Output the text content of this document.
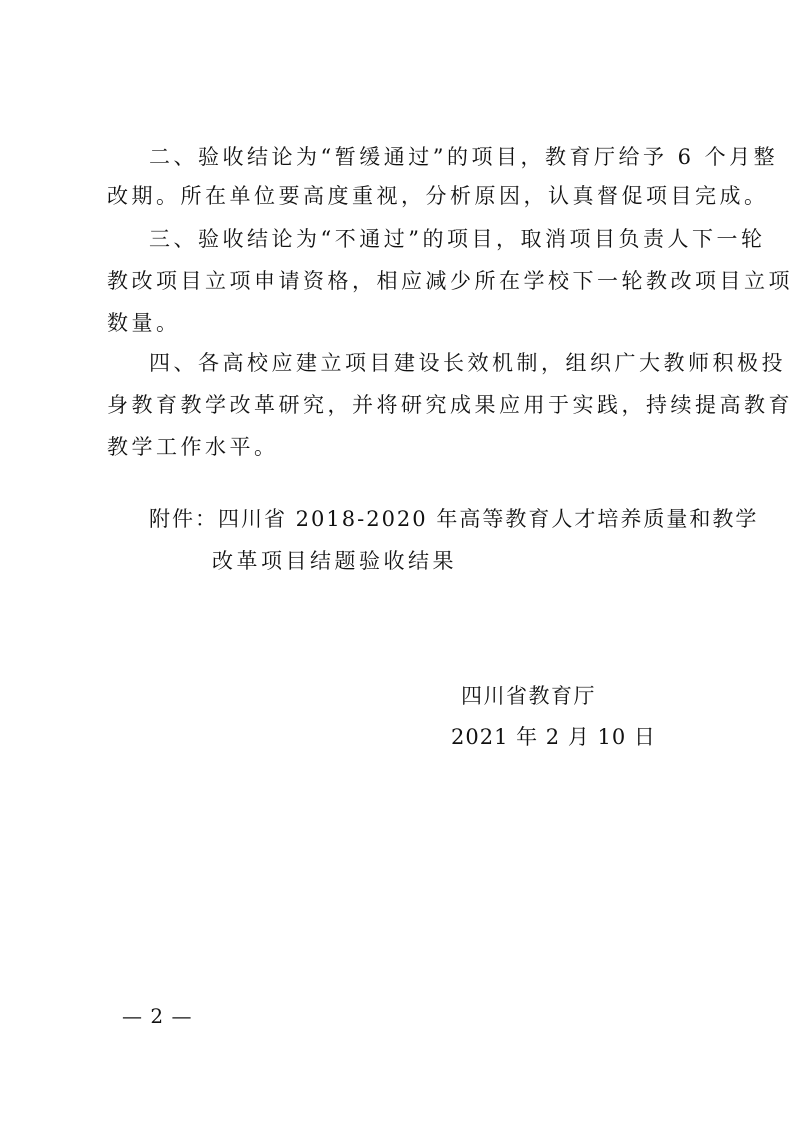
二、验收结论为“暂缓通过”的项目，教育厅给予 6 个月整
改期。所在单位要高度重视，分析原因，认真督促项目完成。
三、验收结论为“不通过”的项目，取消项目负责人下一轮
教改项目立项申请资格，相应减少所在学校下一轮教改项目立项
数量。
四、各高校应建立项目建设长效机制，组织广大教师积极投
身教育教学改革研究，并将研究成果应用于实践，持续提高教育
教学工作水平。
附件：四川省 2018-2020 年高等教育人才培养质量和教学
改革项目结题验收结果
四川省教育厅
2021 年 2 月 10 日
— 2 —
